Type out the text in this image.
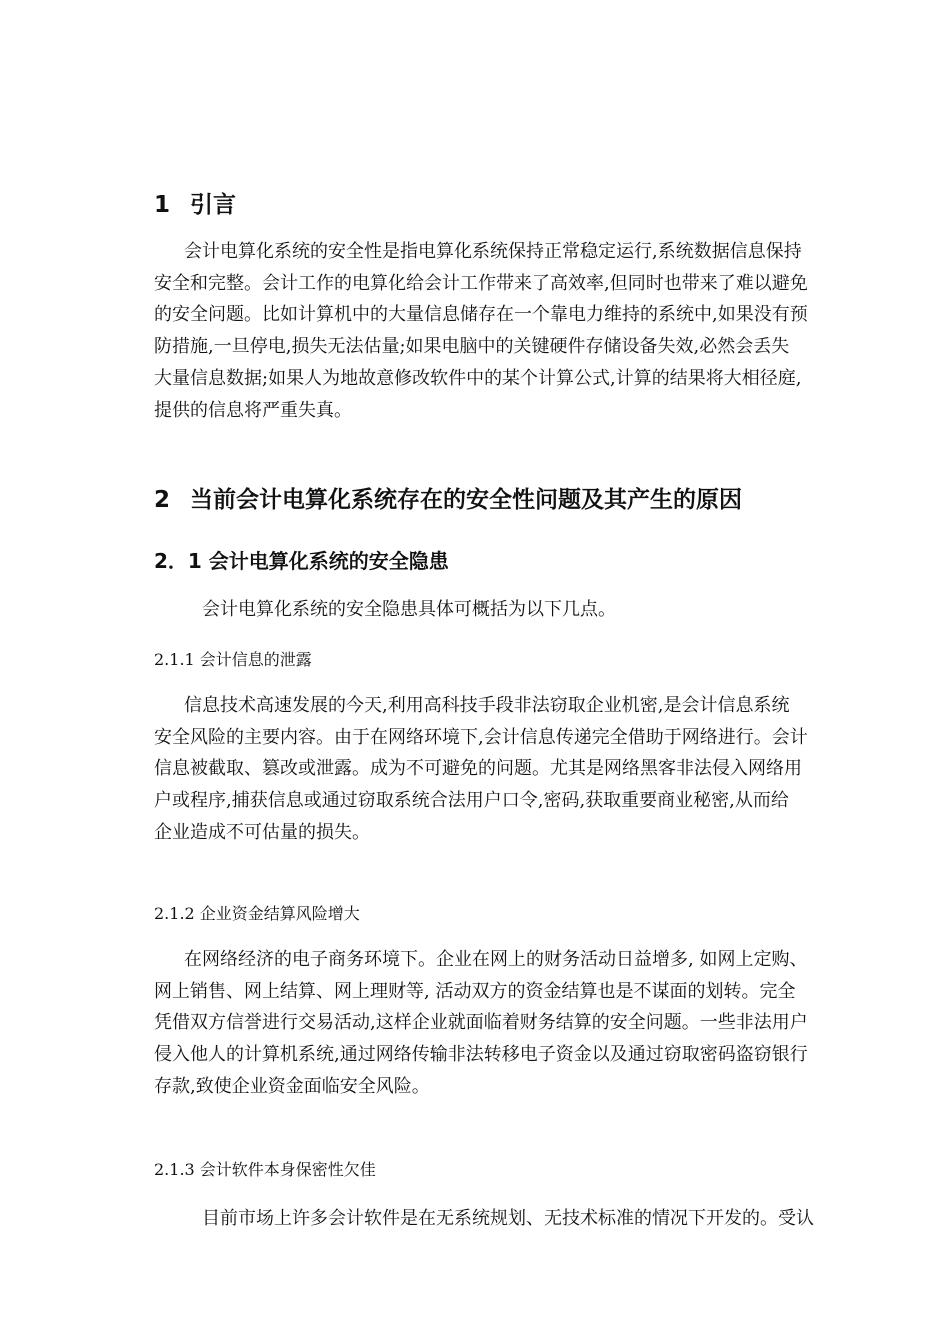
1 引言
会计电算化系统的安全性是指电算化系统保持正常稳定运行,系统数据信息保持
安全和完整。会计工作的电算化给会计工作带来了高效率,但同时也带来了难以避免
的安全问题。比如计算机中的大量信息储存在一个靠电力维持的系统中,如果没有预
防措施,一旦停电,损失无法估量;如果电脑中的关键硬件存储设备失效,必然会丢失
大量信息数据;如果人为地故意修改软件中的某个计算公式,计算的结果将大相径庭,
提供的信息将严重失真。
2 当前会计电算化系统存在的安全性问题及其产生的原因
2．1 会计电算化系统的安全隐患
会计电算化系统的安全隐患具体可概括为以下几点。
2.1.1 会计信息的泄露
信息技术高速发展的今天,利用高科技手段非法窃取企业机密,是会计信息系统
安全风险的主要内容。由于在网络环境下,会计信息传递完全借助于网络进行。会计
信息被截取、篡改或泄露。成为不可避免的问题。尤其是网络黑客非法侵入网络用
户或程序,捕获信息或通过窃取系统合法用户口令,密码,获取重要商业秘密,从而给
企业造成不可估量的损失。
2.1.2 企业资金结算风险增大
在网络经济的电子商务环境下。企业在网上的财务活动日益增多, 如网上定购、
网上销售、网上结算、网上理财等, 活动双方的资金结算也是不谋面的划转。完全
凭借双方信誉进行交易活动,这样企业就面临着财务结算的安全问题。一些非法用户
侵入他人的计算机系统,通过网络传输非法转移电子资金以及通过窃取密码盗窃银行
存款,致使企业资金面临安全风险。
2.1.3 会计软件本身保密性欠佳
目前市场上许多会计软件是在无系统规划、无技术标准的情况下开发的。受认
